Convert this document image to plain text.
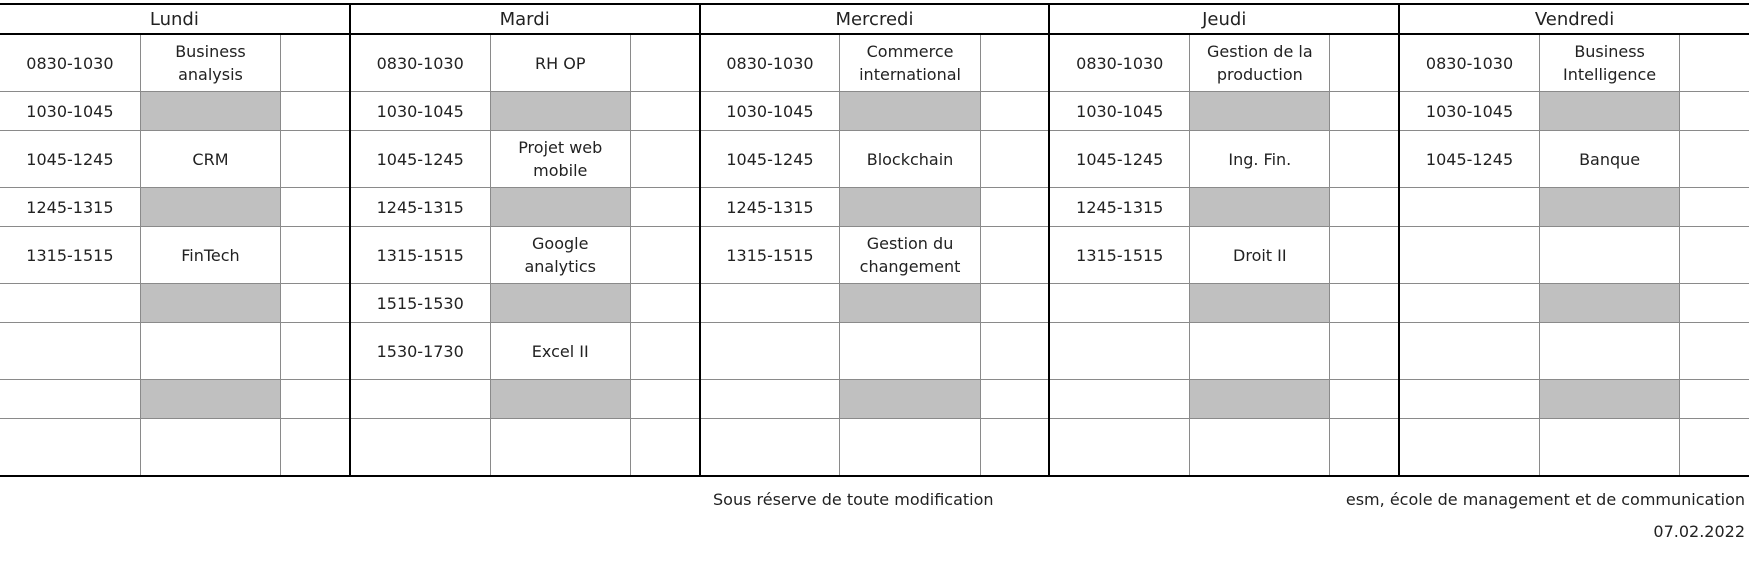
Lundi			Mardi			Mercredi			Jeudi			Vendredi		
0830-1030	Business analysis		0830-1030	RH OP		0830-1030	Commerce international		0830-1030	Gestion de la production		0830-1030	Business Intelligence	
1030-1045			1030-1045			1030-1045			1030-1045			1030-1045		
1045-1245	CRM		1045-1245	Projet web mobile		1045-1245	Blockchain		1045-1245	Ing. Fin.		1045-1245	Banque	
1245-1315			1245-1315			1245-1315			1245-1315					
1315-1515	FinTech		1315-1515	Google analytics		1315-1515	Gestion du changement		1315-1515	Droit II				
			1515-1530											
			1530-1730	Excel II										

Sous réserve de toute modification	esm, école de management et de communication
07.02.2022
